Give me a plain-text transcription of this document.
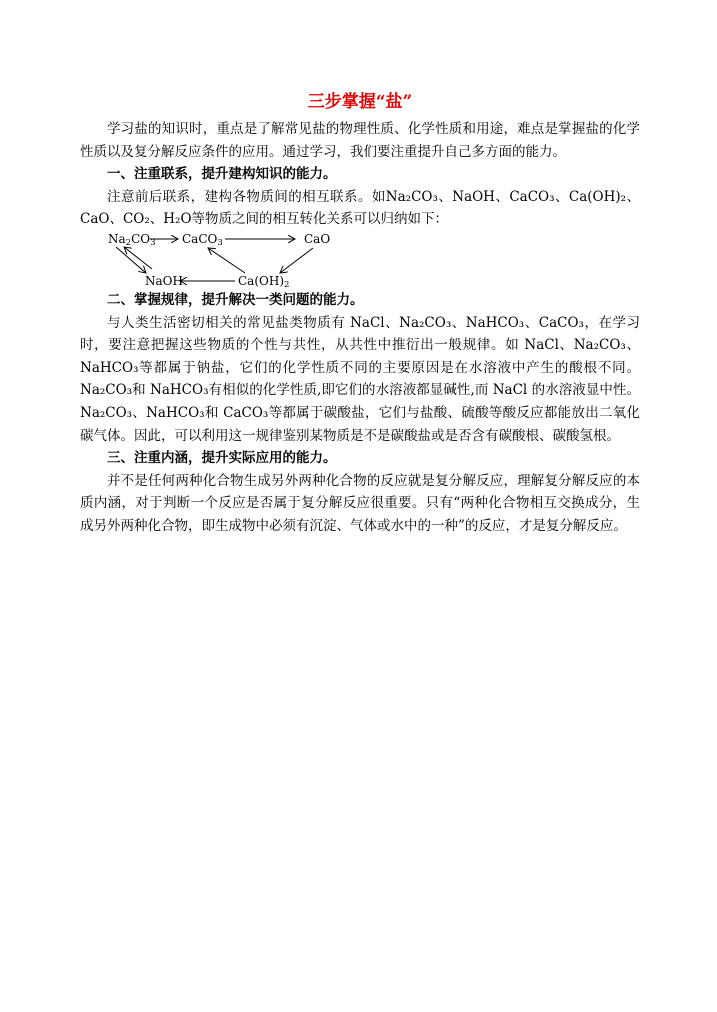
三步掌握“盐”

学习盐的知识时，重点是了解常见盐的物理性质、化学性质和用途，难点是掌握盐的化学性质以及复分解反应条件的应用。通过学习，我们要注重提升自己多方面的能力。

一、注重联系，提升建构知识的能力。

注意前后联系，建构各物质间的相互联系。如Na₂CO₃、NaOH、CaCO₃、Ca(OH)₂、CaO、CO₂、H₂O等物质之间的相互转化关系可以归纳如下：

$Na_2CO_3$ CaCO$_3$	CaO
NaOH	$Ca(OH)_2$

二、掌握规律，提升解决一类问题的能力。

与人类生活密切相关的常见盐类物质有 NaCl、Na₂CO₃、NaHCO₃、CaCO₃，在学习时，要注意把握这些物质的个性与共性，从共性中推衍出一般规律。如 NaCl、Na₂CO₃、NaHCO₃等都属于钠盐，它们的化学性质不同的主要原因是在水溶液中产生的酸根不同。Na₂CO₃和 NaHCO₃有相似的化学性质,即它们的水溶液都显碱性,而 NaCl 的水溶液显中性。Na₂CO₃、NaHCO₃和 CaCO₃等都属于碳酸盐，它们与盐酸、硫酸等酸反应都能放出二氧化碳气体。因此，可以利用这一规律鉴别某物质是不是碳酸盐或是否含有碳酸根、碳酸氢根。

三、注重内涵，提升实际应用的能力。

并不是任何两种化合物生成另外两种化合物的反应就是复分解反应，理解复分解反应的本质内涵，对于判断一个反应是否属于复分解反应很重要。只有“两种化合物相互交换成分，生成另外两种化合物，即生成物中必须有沉淀、气体或水中的一种”的反应，才是复分解反应。
